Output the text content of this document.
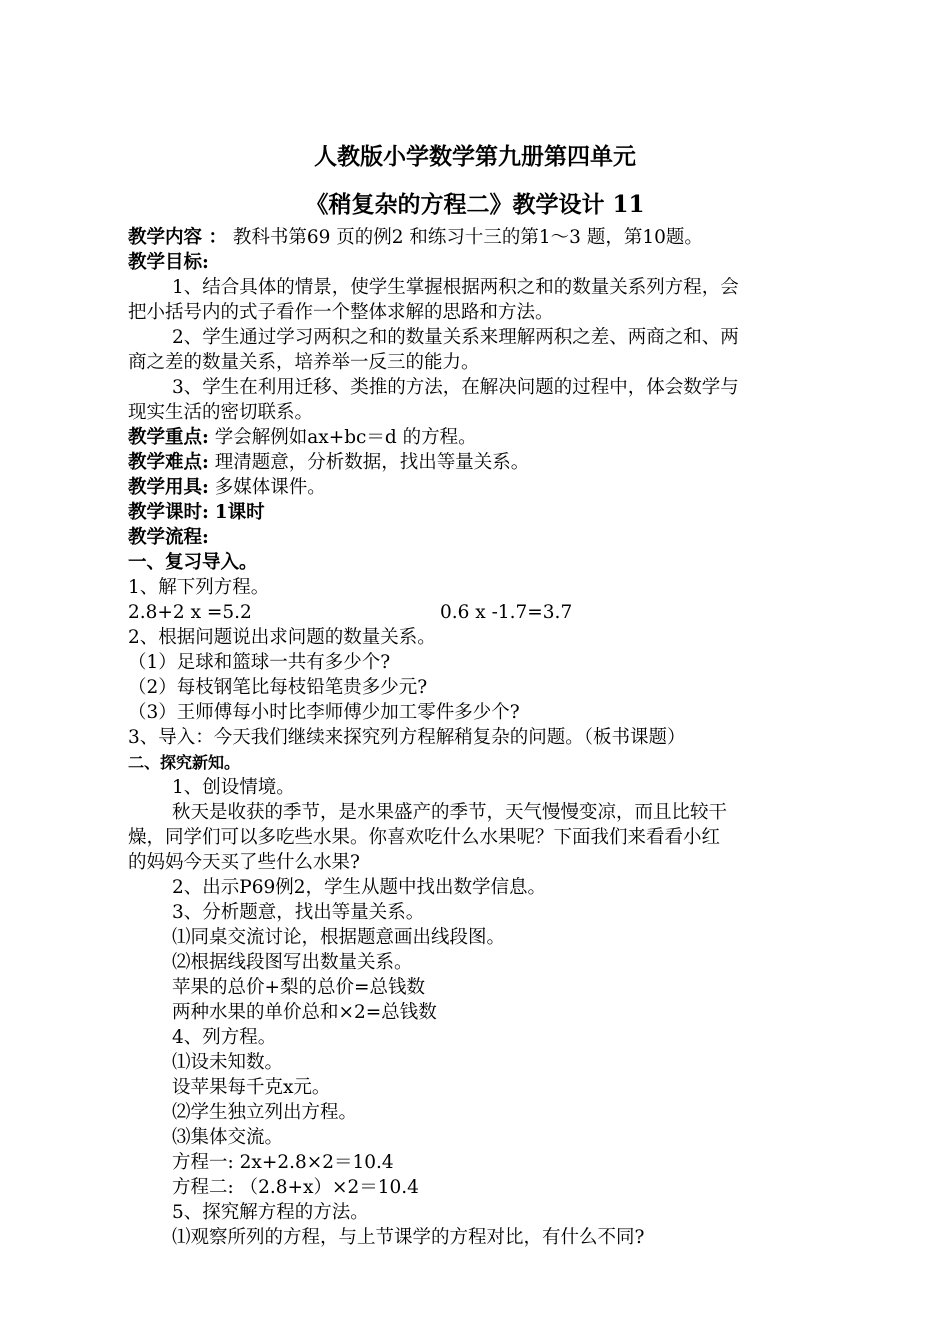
人教版小学数学第九册第四单元
《稍复杂的方程二》教学设计 11
教学内容 ： 教科书第69 页的例2 和练习十三的第1～3 题，第10题。
教学目标:
1、结合具体的情景，使学生掌握根据两积之和的数量关系列方程，会
把小括号内的式子看作一个整体求解的思路和方法。
2、学生通过学习两积之和的数量关系来理解两积之差、两商之和、两
商之差的数量关系，培养举一反三的能力。
3、学生在利用迁移、类推的方法，在解决问题的过程中，体会数学与
现实生活的密切联系。
教学重点: 学会解例如ax+bc＝d 的方程。
教学难点: 理清题意，分析数据，找出等量关系。
教学用具: 多媒体课件。
教学课时: 1课时
教学流程:
一、复习导入。
1、解下列方程。
2.8+2 x =5.2	0.6 x -1.7=3.7
2、根据问题说出求问题的数量关系。
（1）足球和篮球一共有多少个?
（2）每枝钢笔比每枝铅笔贵多少元?
（3）王师傅每小时比李师傅少加工零件多少个?
3、导入：今天我们继续来探究列方程解稍复杂的问题。（板书课题）
二、探究新知。
1、创设情境。
秋天是收获的季节，是水果盛产的季节，天气慢慢变凉，而且比较干
燥，同学们可以多吃些水果。你喜欢吃什么水果呢？下面我们来看看小红
的妈妈今天买了些什么水果?
2、出示P69例2，学生从题中找出数学信息。
3、分析题意，找出等量关系。
⑴同桌交流讨论，根据题意画出线段图。
⑵根据线段图写出数量关系。
苹果的总价+梨的总价=总钱数
两种水果的单价总和×2=总钱数
4、列方程。
⑴设未知数。
设苹果每千克x元。
⑵学生独立列出方程。
⑶集体交流。
方程一: 2x+2.8×2＝10.4
方程二: （2.8+x）×2＝10.4
5、探究解方程的方法。
⑴观察所列的方程，与上节课学的方程对比，有什么不同?
